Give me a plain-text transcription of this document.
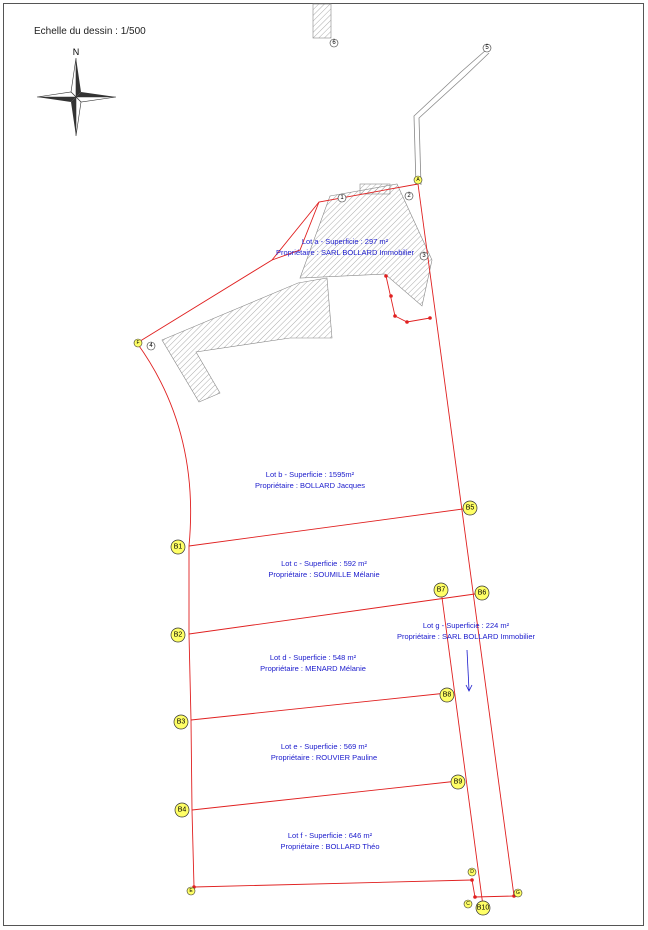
Echelle du dessin : 1/500
N
Lot a - Superficie : 297 m²
Propriétaire : SARL BOLLARD Immobilier
Lot b - Superficie : 1595m²
Propriétaire : BOLLARD Jacques
Lot c - Superficie : 592 m²
Propriétaire : SOUMILLE Mélanie
Lot d - Superficie : 548 m²
Propriétaire : MENARD Mélanie
Lot e - Superficie : 569 m²
Propriétaire : ROUVIER Pauline
Lot f - Superficie : 646 m²
Propriétaire : BOLLARD Théo
Lot g - Superficie : 224 m²
Propriétaire : SARL BOLLARD Immobilier
B1
B2
B3
B4
B5
B6
B7
B8
B9
B10
A
F
E
D
C
G
1	2
3
4
5
6
